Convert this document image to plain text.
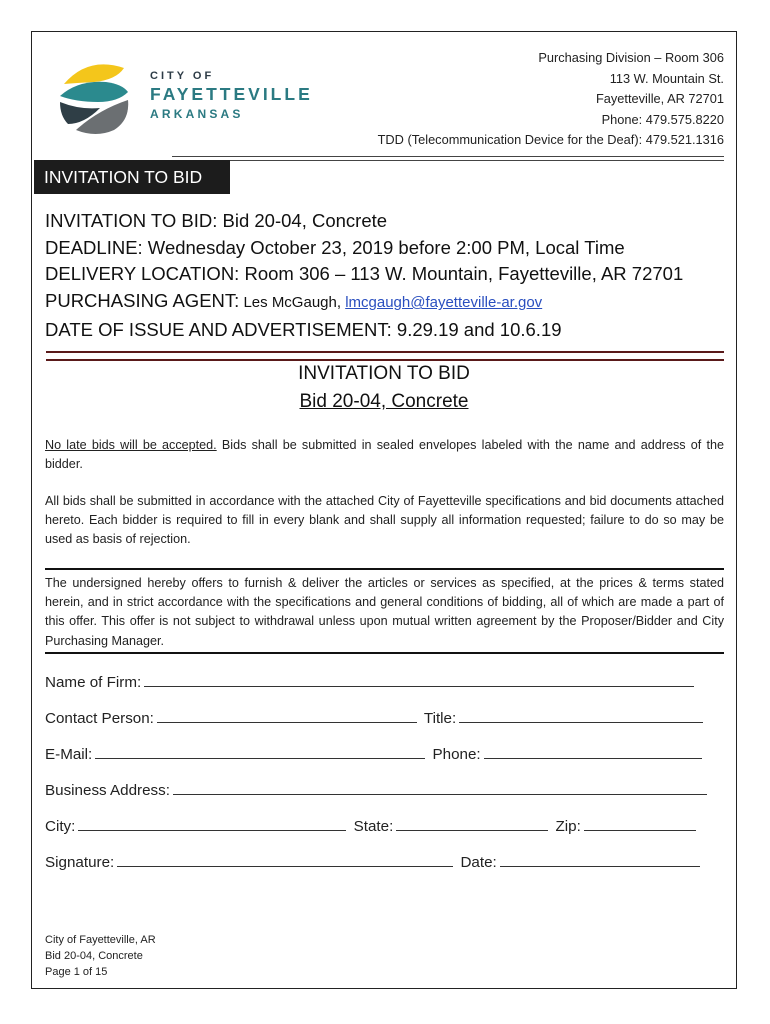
CITY OF
FAYETTEVILLE
ARKANSAS
Purchasing Division – Room 306
113 W. Mountain St.
Fayetteville, AR 72701
Phone: 479.575.8220
TDD (Telecommunication Device for the Deaf): 479.521.1316
INVITATION TO BID
INVITATION TO BID: Bid 20-04, Concrete
DEADLINE: Wednesday October 23, 2019 before 2:00 PM, Local Time
DELIVERY LOCATION: Room 306 – 113 W. Mountain, Fayetteville, AR 72701
PURCHASING AGENT: Les McGaugh, lmcgaugh@fayetteville-ar.gov
DATE OF ISSUE AND ADVERTISEMENT: 9.29.19 and 10.6.19
INVITATION TO BID
Bid 20-04, Concrete
No late bids will be accepted. Bids shall be submitted in sealed envelopes labeled with the name and address of the bidder.
All bids shall be submitted in accordance with the attached City of Fayetteville specifications and bid documents attached hereto. Each bidder is required to fill in every blank and shall supply all information requested; failure to do so may be used as basis of rejection.
The undersigned hereby offers to furnish & deliver the articles or services as specified, at the prices & terms stated herein, and in strict accordance with the specifications and general conditions of bidding, all of which are made a part of this offer. This offer is not subject to withdrawal unless upon mutual written agreement by the Proposer/Bidder and City Purchasing Manager.
Name of Firm:
Contact Person:	Title:
E-Mail:	Phone:
Business Address:
City:	State:	Zip:
Signature:	Date:
City of Fayetteville, AR
Bid 20-04, Concrete
Page 1 of 15
